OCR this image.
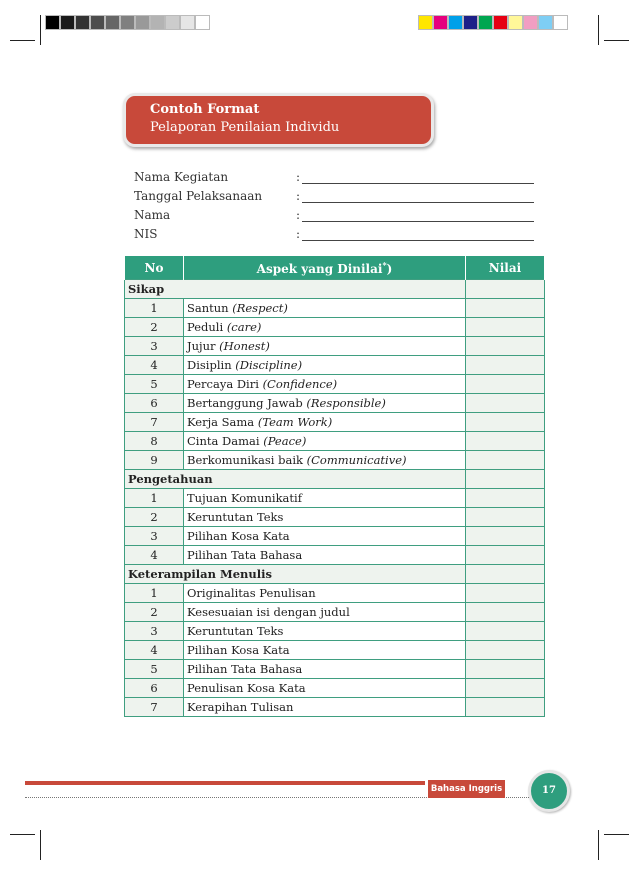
Contoh Format
Pelaporan Penilaian Individu
Nama Kegiatan	:
Tanggal Pelaksanaan	:
Nama	:
NIS	:
No	Aspek yang Dinilai*)	Nilai
Sikap		
1	Santun (Respect)	
2	Peduli (care)	
3	Jujur (Honest)	
4	Disiplin (Discipline)	
5	Percaya Diri (Confidence)	
6	Bertanggung Jawab (Responsible)	
7	Kerja Sama (Team Work)	
8	Cinta Damai (Peace)	
9	Berkomunikasi baik (Communicative)	
Pengetahuan		
1	Tujuan Komunikatif	
2	Keruntutan Teks	
3	Pilihan Kosa Kata	
4	Pilihan Tata Bahasa	
Keterampilan Menulis		
1	Originalitas Penulisan	
2	Kesesuaian isi dengan judul	
3	Keruntutan Teks	
4	Pilihan Kosa Kata	
5	Pilihan Tata Bahasa	
6	Penulisan Kosa Kata	
7	Kerapihan Tulisan	
Bahasa Inggris	17
